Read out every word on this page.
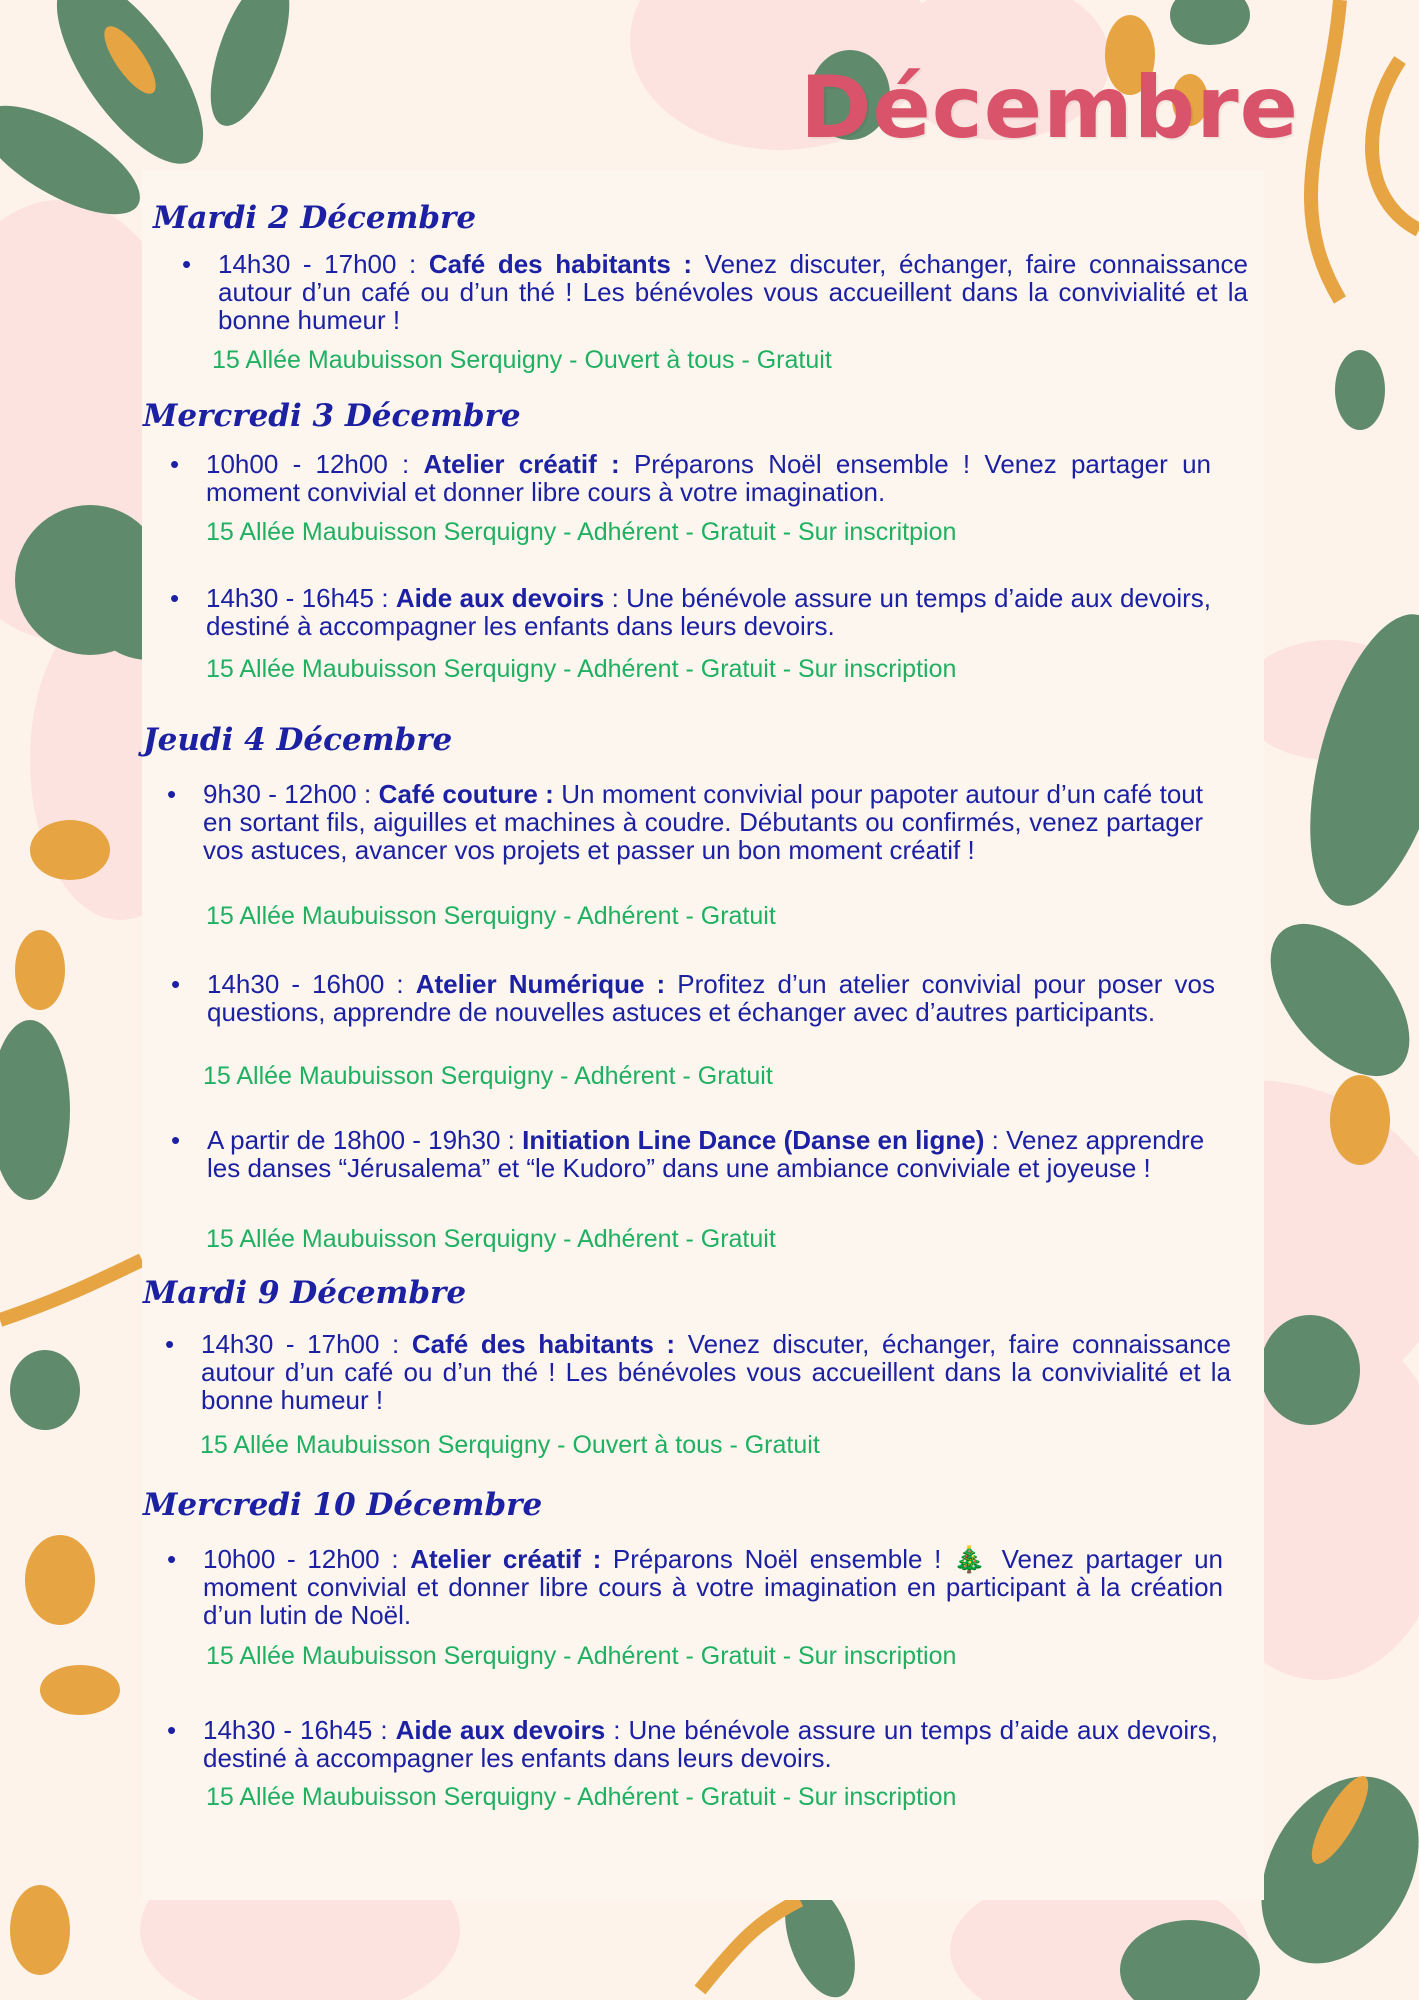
Décembre
Mardi 2 Décembre
• 14h30 - 17h00 : Café des habitants : Venez discuter, échanger, faire connaissance autour d’un café ou d’un thé ! Les bénévoles vous accueillent dans la convivialité et la bonne humeur !
15 Allée Maubuisson Serquigny - Ouvert à tous - Gratuit
Mercredi 3 Décembre
• 10h00 - 12h00 : Atelier créatif : Préparons Noël ensemble ! Venez partager un moment convivial et donner libre cours à votre imagination.
15 Allée Maubuisson Serquigny - Adhérent - Gratuit - Sur inscritpion
• 14h30 - 16h45 : Aide aux devoirs : Une bénévole assure un temps d’aide aux devoirs, destiné à accompagner les enfants dans leurs devoirs.
15 Allée Maubuisson Serquigny - Adhérent - Gratuit - Sur inscription
Jeudi 4 Décembre
• 9h30 - 12h00 : Café couture : Un moment convivial pour papoter autour d’un café tout en sortant fils, aiguilles et machines à coudre. Débutants ou confirmés, venez partager vos astuces, avancer vos projets et passer un bon moment créatif !
15 Allée Maubuisson Serquigny - Adhérent - Gratuit
• 14h30 - 16h00 : Atelier Numérique : Profitez d’un atelier convivial pour poser vos questions, apprendre de nouvelles astuces et échanger avec d’autres participants.
15 Allée Maubuisson Serquigny - Adhérent - Gratuit
• A partir de 18h00 - 19h30 : Initiation Line Dance (Danse en ligne) : Venez apprendre les danses “Jérusalema” et “le Kudoro” dans une ambiance conviviale et joyeuse !
15 Allée Maubuisson Serquigny - Adhérent - Gratuit
Mardi 9 Décembre
• 14h30 - 17h00 : Café des habitants : Venez discuter, échanger, faire connaissance autour d’un café ou d’un thé ! Les bénévoles vous accueillent dans la convivialité et la bonne humeur !
15 Allée Maubuisson Serquigny - Ouvert à tous - Gratuit
Mercredi 10 Décembre
• 10h00 - 12h00 : Atelier créatif : Préparons Noël ensemble ! 🎄 Venez partager un moment convivial et donner libre cours à votre imagination en participant à la création d’un lutin de Noël.
15 Allée Maubuisson Serquigny - Adhérent - Gratuit - Sur inscription
• 14h30 - 16h45 : Aide aux devoirs : Une bénévole assure un temps d’aide aux devoirs, destiné à accompagner les enfants dans leurs devoirs.
15 Allée Maubuisson Serquigny - Adhérent - Gratuit - Sur inscription
